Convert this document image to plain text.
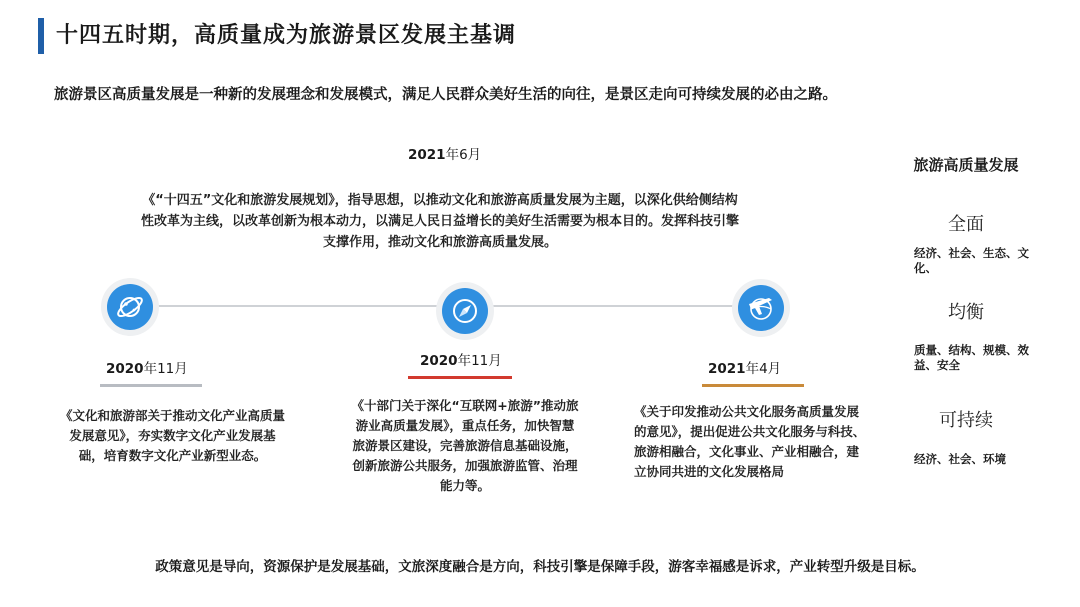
十四五时期，高质量成为旅游景区发展主基调
旅游景区高质量发展是一种新的发展理念和发展模式，满足人民群众美好生活的向往，是景区走向可持续发展的必由之路。
2021年6月
《“十四五”文化和旅游发展规划》，指导思想，以推动文化和旅游高质量发展为主题，以深化供给侧结构性改革为主线，以改革创新为根本动力，以满足人民日益增长的美好生活需要为根本目的。发挥科技引擎支撑作用，推动文化和旅游高质量发展。
2020年11月
《文化和旅游部关于推动文化产业高质量发展意见》，夯实数字文化产业发展基础，培育数字文化产业新型业态。
2020年11月
《十部门关于深化“互联网+旅游”推动旅游业高质量发展》，重点任务，加快智慧旅游景区建设，完善旅游信息基础设施，创新旅游公共服务，加强旅游监管、治理能力等。
2021年4月
《关于印发推动公共文化服务高质量发展的意见》，提出促进公共文化服务与科技、旅游相融合，文化事业、产业相融合，建立协同共进的文化发展格局
旅游高质量发展
全面
经济、社会、生态、文化、
均衡
质量、结构、规模、效益、安全
可持续
经济、社会、环境
政策意见是导向，资源保护是发展基础，文旅深度融合是方向，科技引擎是保障手段，游客幸福感是诉求，产业转型升级是目标。
